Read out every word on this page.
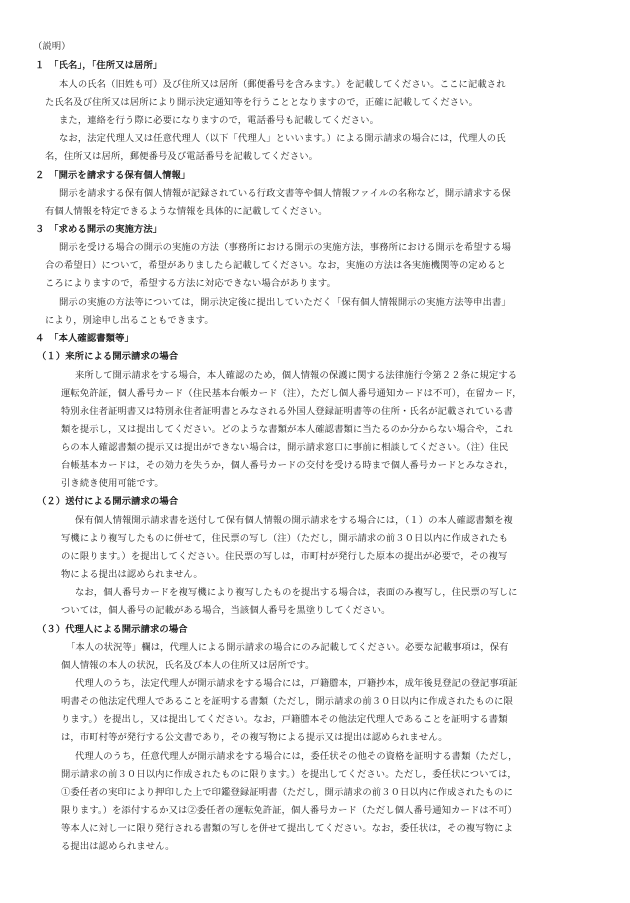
（説明）
１　「氏名」，「住所又は居所」
本人の氏名（旧姓も可）及び住所又は居所（郵便番号を含みます。）を記載してください。ここに記載され
た氏名及び住所又は居所により開示決定通知等を行うこととなりますので，正確に記載してください。
また，連絡を行う際に必要になりますので，電話番号も記載してください。
なお，法定代理人又は任意代理人（以下「代理人」といいます。）による開示請求の場合には，代理人の氏
名，住所又は居所，郵便番号及び電話番号を記載してください。
２　「開示を請求する保有個人情報」
開示を請求する保有個人情報が記録されている行政文書等や個人情報ファイルの名称など，開示請求する保
有個人情報を特定できるような情報を具体的に記載してください。
３　「求める開示の実施方法」
開示を受ける場合の開示の実施の方法（事務所における開示の実施方法，事務所における開示を希望する場
合の希望日）について，希望がありましたら記載してください。なお，実施の方法は各実施機関等の定めると
ころによりますので，希望する方法に対応できない場合があります。
開示の実施の方法等については，開示決定後に提出していただく「保有個人情報開示の実施方法等申出書」
により，別途申し出ることもできます。
４　「本人確認書類等」
（１）来所による開示請求の場合
来所して開示請求をする場合，本人確認のため，個人情報の保護に関する法律施行令第２２条に規定する
運転免許証，個人番号カード（住民基本台帳カード（注），ただし個人番号通知カードは不可），在留カード，
特別永住者証明書又は特別永住者証明書とみなされる外国人登録証明書等の住所・氏名が記載されている書
類を提示し，又は提出してください。どのような書類が本人確認書類に当たるのか分からない場合や，これ
らの本人確認書類の提示又は提出ができない場合は，開示請求窓口に事前に相談してください。（注）住民
台帳基本カードは，その効力を失うか，個人番号カードの交付を受ける時まで個人番号カードとみなされ，
引き続き使用可能です。
（２）送付による開示請求の場合
保有個人情報開示請求書を送付して保有個人情報の開示請求をする場合には，（１）の本人確認書類を複
写機により複写したものに併せて，住民票の写し（注）（ただし，開示請求の前３０日以内に作成されたも
のに限ります。）を提出してください。住民票の写しは，市町村が発行した原本の提出が必要で，その複写
物による提出は認められません。
なお，個人番号カードを複写機により複写したものを提出する場合は，表面のみ複写し，住民票の写しに
ついては，個人番号の記載がある場合，当該個人番号を黒塗りしてください。
（３）代理人による開示請求の場合
「本人の状況等」欄は，代理人による開示請求の場合にのみ記載してください。必要な記載事項は，保有
個人情報の本人の状況，氏名及び本人の住所又は居所です。
代理人のうち，法定代理人が開示請求をする場合には，戸籍謄本，戸籍抄本，成年後見登記の登記事項証
明書その他法定代理人であることを証明する書類（ただし，開示請求の前３０日以内に作成されたものに限
ります。）を提出し，又は提出してください。なお，戸籍謄本その他法定代理人であることを証明する書類
は，市町村等が発行する公文書であり，その複写物による提示又は提出は認められません。
代理人のうち，任意代理人が開示請求をする場合には，委任状その他その資格を証明する書類（ただし，
開示請求の前３０日以内に作成されたものに限ります。）を提出してください。ただし，委任状については，
①委任者の実印により押印した上で印鑑登録証明書（ただし，開示請求の前３０日以内に作成されたものに
限ります。）を添付するか又は②委任者の運転免許証，個人番号カード（ただし個人番号通知カードは不可）
等本人に対し一に限り発行される書類の写しを併せて提出してください。なお，委任状は，その複写物によ
る提出は認められません。
